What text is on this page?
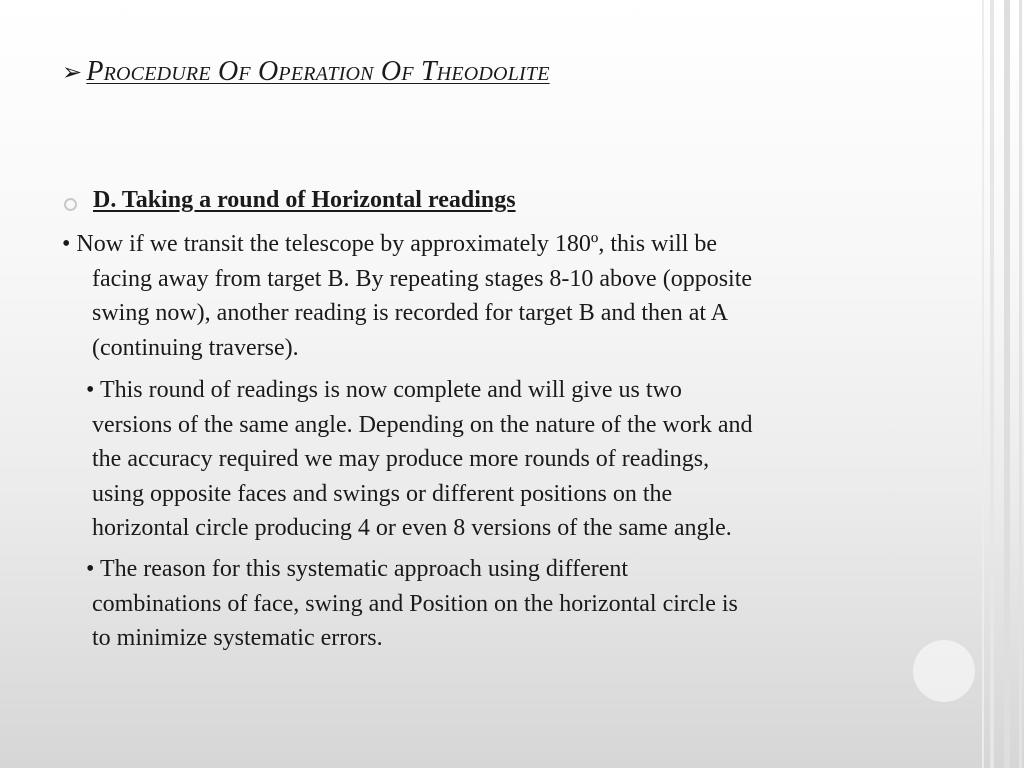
➢ Procedure Of Operation Of Theodolite
D. Taking a round of Horizontal readings
• Now if we transit the telescope by approximately 180º, this will be
facing away from target B. By repeating stages 8-10 above (opposite
swing now), another reading is recorded for target B and then at A
(continuing traverse).
• This round of readings is now complete and will give us two
versions of the same angle. Depending on the nature of the work and
the accuracy required we may produce more rounds of readings,
using opposite faces and swings or different positions on the
horizontal circle producing 4 or even 8 versions of the same angle.
• The reason for this systematic approach using different
combinations of face, swing and Position on the horizontal circle is
to minimize systematic errors.
